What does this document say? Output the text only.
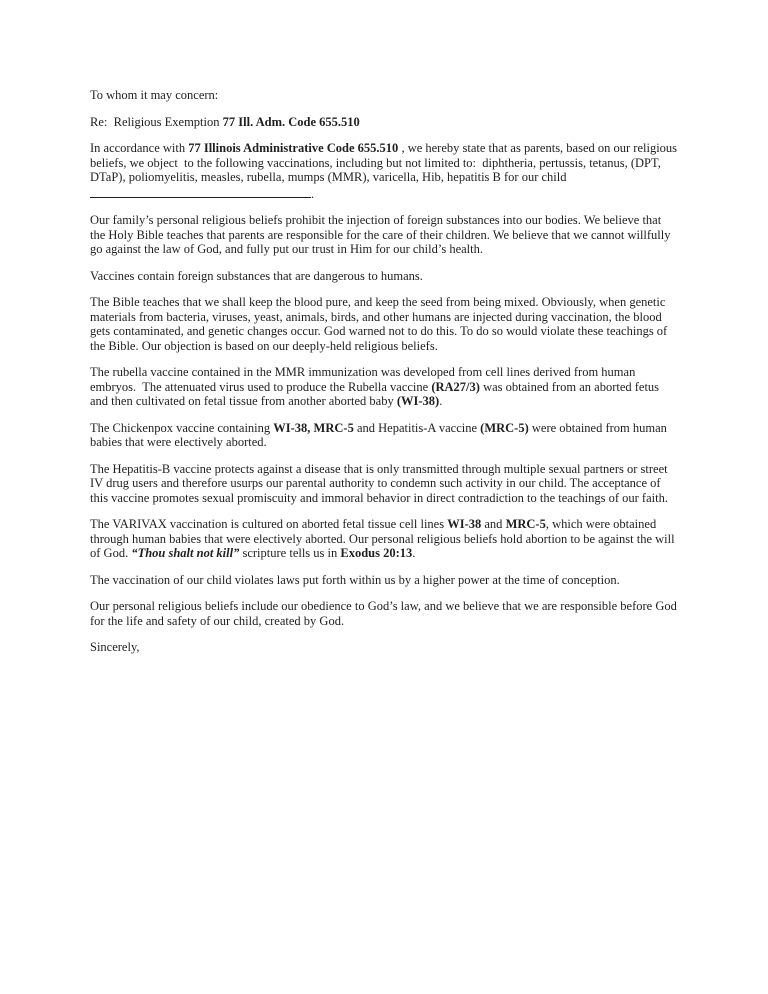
To whom it may concern:

Re:  Religious Exemption 77 Ill. Adm. Code 655.510

In accordance with 77 Illinois Administrative Code 655.510 , we hereby state that as parents, based on our religious beliefs, we object  to the following vaccinations, including but not limited to:  diphtheria, pertussis, tetanus, (DPT, DTaP), poliomyelitis, measles, rubella, mumps (MMR), varicella, Hib, hepatitis B for our child
.

Our family’s personal religious beliefs prohibit the injection of foreign substances into our bodies. We believe that the Holy Bible teaches that parents are responsible for the care of their children. We believe that we cannot willfully go against the law of God, and fully put our trust in Him for our child’s health.

Vaccines contain foreign substances that are dangerous to humans.

The Bible teaches that we shall keep the blood pure, and keep the seed from being mixed. Obviously, when genetic materials from bacteria, viruses, yeast, animals, birds, and other humans are injected during vaccination, the blood gets contaminated, and genetic changes occur. God warned not to do this. To do so would violate these teachings of the Bible. Our objection is based on our deeply-held religious beliefs.

The rubella vaccine contained in the MMR immunization was developed from cell lines derived from human embryos.  The attenuated virus used to produce the Rubella vaccine (RA27/3) was obtained from an aborted fetus and then cultivated on fetal tissue from another aborted baby (WI-38).

The Chickenpox vaccine containing WI-38, MRC-5 and Hepatitis-A vaccine (MRC-5) were obtained from human babies that were electively aborted.

The Hepatitis-B vaccine protects against a disease that is only transmitted through multiple sexual partners or street IV drug users and therefore usurps our parental authority to condemn such activity in our child. The acceptance of this vaccine promotes sexual promiscuity and immoral behavior in direct contradiction to the teachings of our faith.

The VARIVAX vaccination is cultured on aborted fetal tissue cell lines WI-38 and MRC-5, which were obtained through human babies that were electively aborted. Our personal religious beliefs hold abortion to be against the will of God. “Thou shalt not kill” scripture tells us in Exodus 20:13.

The vaccination of our child violates laws put forth within us by a higher power at the time of conception.

Our personal religious beliefs include our obedience to God’s law, and we believe that we are responsible before God for the life and safety of our child, created by God.

Sincerely,
